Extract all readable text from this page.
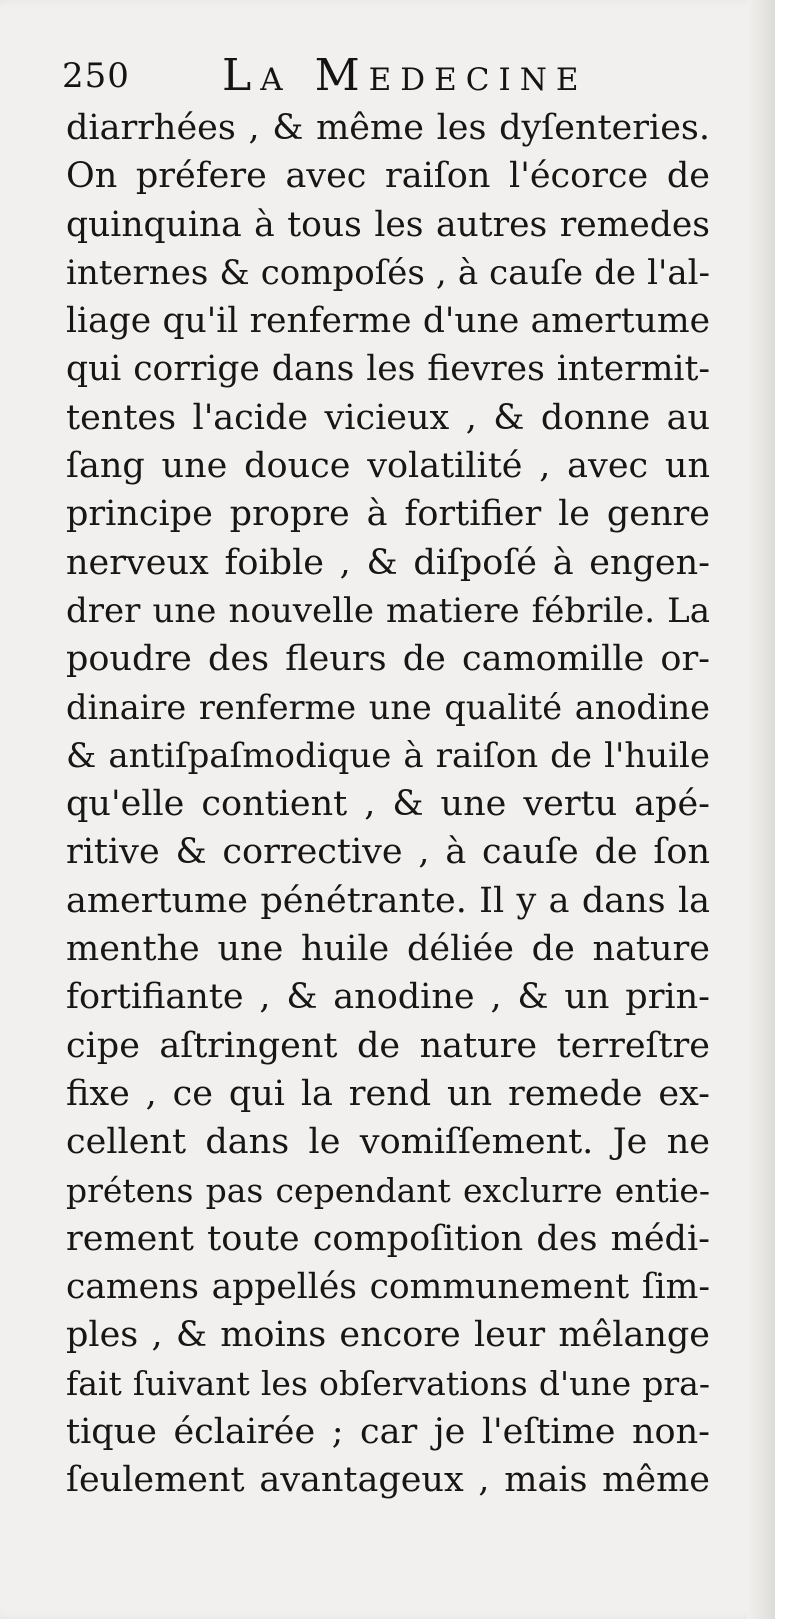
250 La Medecine
diarrhées , & même les dyſenteries.
On préfere avec raiſon l'écorce de
quinquina à tous les autres remedes
internes & compoſés , à cauſe de l'al-
liage qu'il renferme d'une amertume
qui corrige dans les fievres intermit-
tentes l'acide vicieux , & donne au
ſang une douce volatilité , avec un
principe propre à fortifier le genre
nerveux foible , & diſpoſé à engen-
drer une nouvelle matiere fébrile. La
poudre des fleurs de camomille or-
dinaire renferme une qualité anodine
& antiſpaſmodique à raiſon de l'huile
qu'elle contient , & une vertu apé-
ritive & corrective , à cauſe de ſon
amertume pénétrante. Il y a dans la
menthe une huile déliée de nature
fortifiante , & anodine , & un prin-
cipe aſtringent de nature terreſtre
fixe , ce qui la rend un remede ex-
cellent dans le vomiſſement. Je ne
prétens pas cependant exclurre entie-
rement toute compoſition des médi-
camens appellés communement ſim-
ples , & moins encore leur mêlange
fait ſuivant les obſervations d'une pra-
tique éclairée ; car je l'eſtime non-
ſeulement avantageux , mais même
